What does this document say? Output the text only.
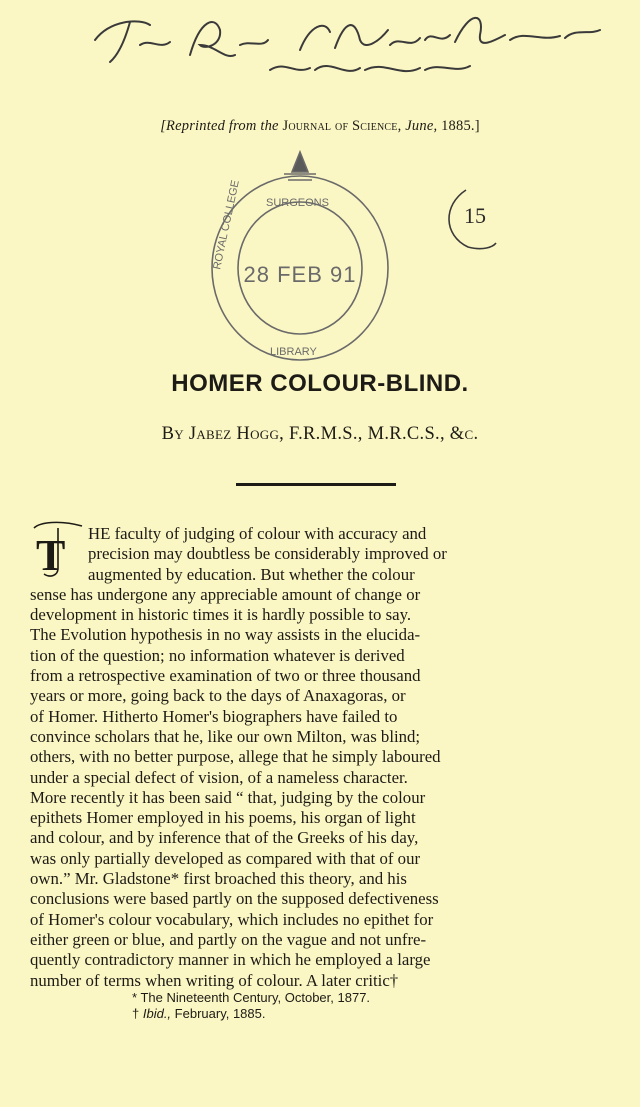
[Reprinted from the Journal of Science, June, 1885.]
SURGEONS
ROYAL COLLEGE
LIBRARY
28 FEB 91
15
HOMER COLOUR-BLIND.
By Jabez Hogg, F.R.M.S., M.R.C.S., &c.
T	HE faculty of judging of colour with accuracy and
precision may doubtless be considerably improved or
augmented by education. But whether the colour
sense has undergone any appreciable amount of change or
development in historic times it is hardly possible to say.
The Evolution hypothesis in no way assists in the elucida-
tion of the question; no information whatever is derived
from a retrospective examination of two or three thousand
years or more, going back to the days of Anaxagoras, or
of Homer. Hitherto Homer's biographers have failed to
convince scholars that he, like our own Milton, was blind;
others, with no better purpose, allege that he simply laboured
under a special defect of vision, of a nameless character.
More recently it has been said “ that, judging by the colour
epithets Homer employed in his poems, his organ of light
and colour, and by inference that of the Greeks of his day,
was only partially developed as compared with that of our
own.” Mr. Gladstone* first broached this theory, and his
conclusions were based partly on the supposed defectiveness
of Homer's colour vocabulary, which includes no epithet for
either green or blue, and partly on the vague and not unfre-
quently contradictory manner in which he employed a large
number of terms when writing of colour. A later critic†
* The Nineteenth Century, October, 1877.
† Ibid., February, 1885.
